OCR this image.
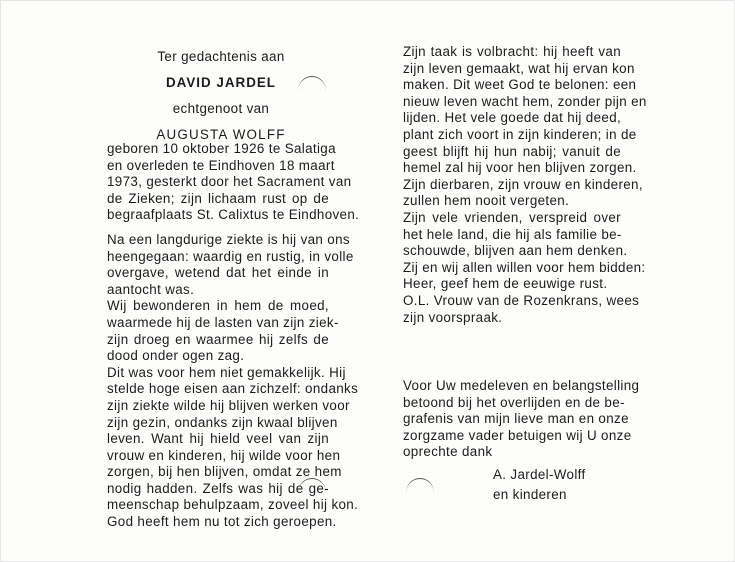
Ter gedachtenis aan
DAVID JARDEL
echtgenoot van
AUGUSTA WOLFF
geboren 10 oktober 1926 te Salatiga
en overleden te Eindhoven 18 maart
1973, gesterkt door het Sacrament van
de Zieken; zijn lichaam rust op de
begraafplaats St. Calixtus te Eindhoven.
Na een langdurige ziekte is hij van ons
heengegaan: waardig en rustig, in volle
overgave, wetend dat het einde in
aantocht was.
Wij bewonderen in hem de moed,
waarmede hij de lasten van zijn ziek-
zijn droeg en waarmee hij zelfs de
dood onder ogen zag.
Dit was voor hem niet gemakkelijk. Hij
stelde hoge eisen aan zichzelf: ondanks
zijn ziekte wilde hij blijven werken voor
zijn gezin, ondanks zijn kwaal blijven
leven. Want hij hield veel van zijn
vrouw en kinderen, hij wilde voor hen
zorgen, bij hen blijven, omdat ze hem
nodig hadden. Zelfs was hij de ge-
meenschap behulpzaam, zoveel hij kon.
God heeft hem nu tot zich geroepen.
Zijn taak is volbracht: hij heeft van
zijn leven gemaakt, wat hij ervan kon
maken. Dit weet God te belonen: een
nieuw leven wacht hem, zonder pijn en
lijden. Het vele goede dat hij deed,
plant zich voort in zijn kinderen; in de
geest blijft hij hun nabij; vanuit de
hemel zal hij voor hen blijven zorgen.
Zijn dierbaren, zijn vrouw en kinderen,
zullen hem nooit vergeten.
Zijn vele vrienden, verspreid over
het hele land, die hij als familie be-
schouwde, blijven aan hem denken.
Zij en wij allen willen voor hem bidden:
Heer, geef hem de eeuwige rust.
O.L. Vrouw van de Rozenkrans, wees
zijn voorspraak.
Voor Uw medeleven en belangstelling
betoond bij het overlijden en de be-
grafenis van mijn lieve man en onze
zorgzame vader betuigen wij U onze
oprechte dank
A. Jardel-Wolff
en kinderen
